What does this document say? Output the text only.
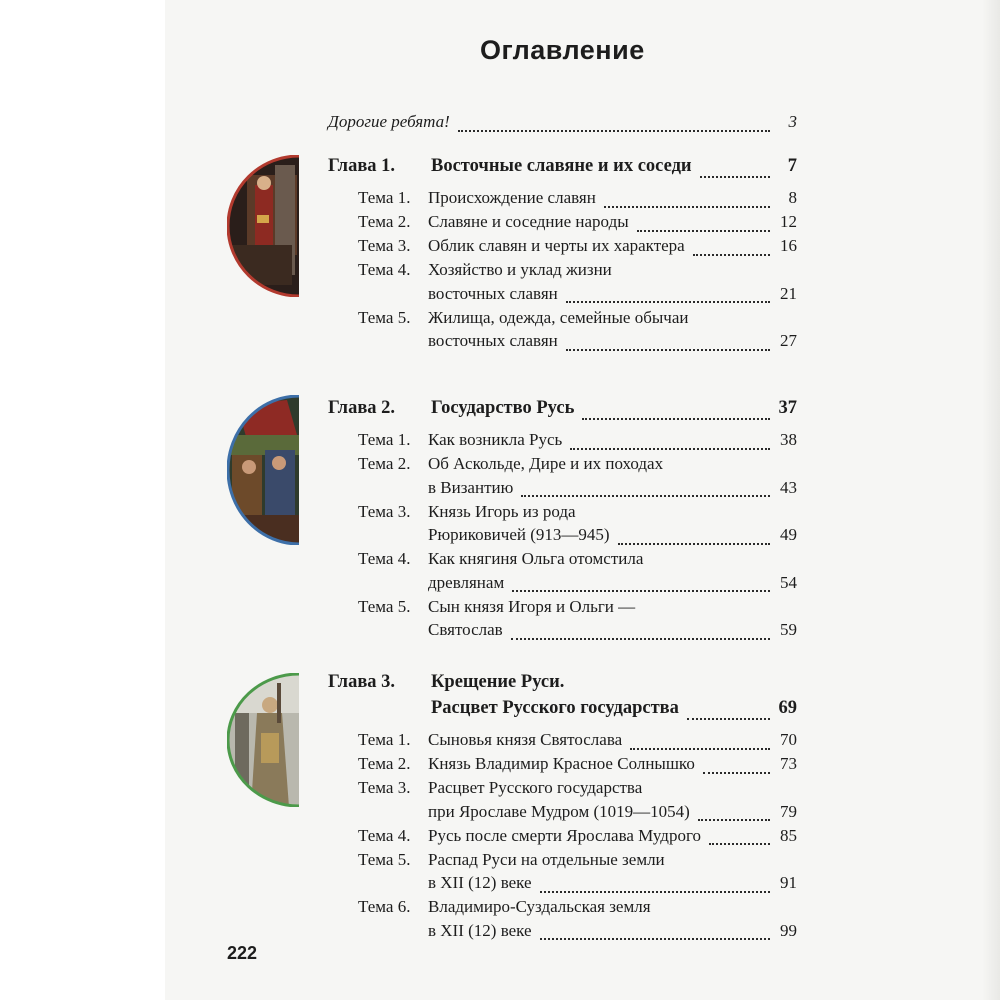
Оглавление
Дорогие ребята!	3
Глава 1. Восточные славяне и их соседи	7
Тема 1. Происхождение славян	8
Тема 2. Славяне и соседние народы	12
Тема 3. Облик славян и черты их характера	16
Тема 4. Хозяйство и уклад жизни
восточных славян	21
Тема 5. Жилища, одежда, семейные обычаи
восточных славян	27
Глава 2. Государство Русь	37
Тема 1. Как возникла Русь	38
Тема 2. Об Аскольде, Дире и их походах
в Византию	43
Тема 3. Князь Игорь из рода
Рюриковичей (913—945)	49
Тема 4. Как княгиня Ольга отомстила
древлянам	54
Тема 5. Сын князя Игоря и Ольги —
Святослав	59
Глава 3. Крещение Руси.
Расцвет Русского государства	69
Тема 1. Сыновья князя Святослава	70
Тема 2. Князь Владимир Красное Солнышко	73
Тема 3. Расцвет Русского государства
при Ярославе Мудром (1019—1054)	79
Тема 4. Русь после смерти Ярослава Мудрого	85
Тема 5. Распад Руси на отдельные земли
в XII (12) веке	91
Тема 6. Владимиро-Суздальская земля
в XII (12) веке	99
222
